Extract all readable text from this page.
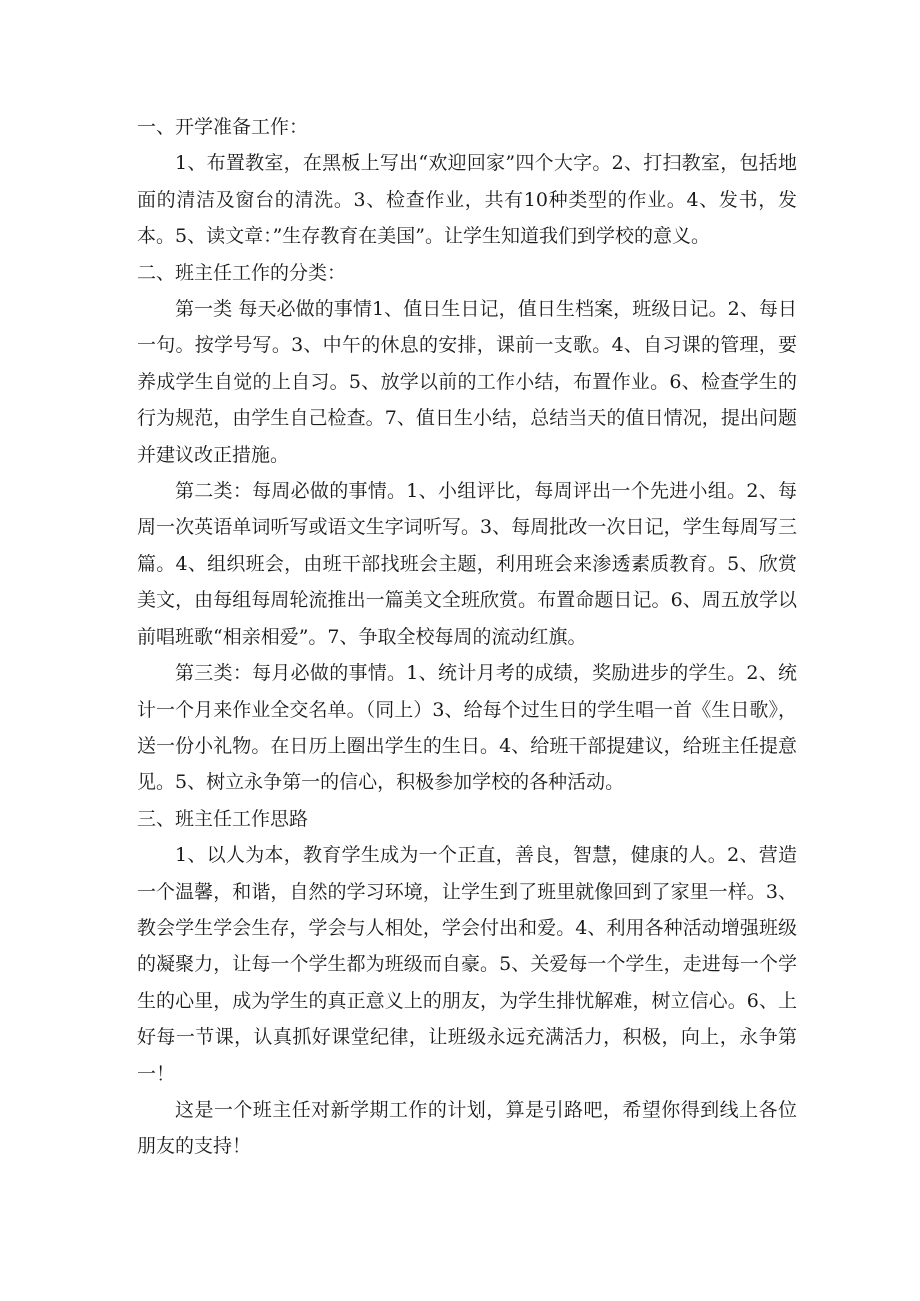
一、开学准备工作：

1、布置教室，在黑板上写出“欢迎回家”四个大字。2、打扫教室，包括地面的清洁及窗台的清洗。3、检查作业，共有10种类型的作业。4、发书，发本。5、读文章：”生存教育在美国”。让学生知道我们到学校的意义。

二、班主任工作的分类：

第一类 每天必做的事情1、值日生日记，值日生档案，班级日记。2、每日一句。按学号写。3、中午的休息的安排，课前一支歌。4、自习课的管理，要养成学生自觉的上自习。5、放学以前的工作小结，布置作业。6、检查学生的行为规范，由学生自己检查。7、值日生小结，总结当天的值日情况，提出问题并建议改正措施。

第二类：每周必做的事情。1、小组评比，每周评出一个先进小组。2、每周一次英语单词听写或语文生字词听写。3、每周批改一次日记，学生每周写三篇。4、组织班会，由班干部找班会主题，利用班会来渗透素质教育。5、欣赏美文，由每组每周轮流推出一篇美文全班欣赏。布置命题日记。6、周五放学以前唱班歌“相亲相爱”。7、争取全校每周的流动红旗。

第三类：每月必做的事情。1、统计月考的成绩，奖励进步的学生。2、统计一个月来作业全交名单。（同上）3、给每个过生日的学生唱一首《生日歌》，送一份小礼物。在日历上圈出学生的生日。4、给班干部提建议，给班主任提意见。5、树立永争第一的信心，积极参加学校的各种活动。

三、班主任工作思路

1、以人为本，教育学生成为一个正直，善良，智慧，健康的人。2、营造一个温馨，和谐，自然的学习环境，让学生到了班里就像回到了家里一样。3、教会学生学会生存，学会与人相处，学会付出和爱。4、利用各种活动增强班级的凝聚力，让每一个学生都为班级而自豪。5、关爱每一个学生，走进每一个学生的心里，成为学生的真正意义上的朋友，为学生排忧解难，树立信心。6、上好每一节课，认真抓好课堂纪律，让班级永远充满活力，积极，向上，永争第一！

这是一个班主任对新学期工作的计划，算是引路吧，希望你得到线上各位朋友的支持！
